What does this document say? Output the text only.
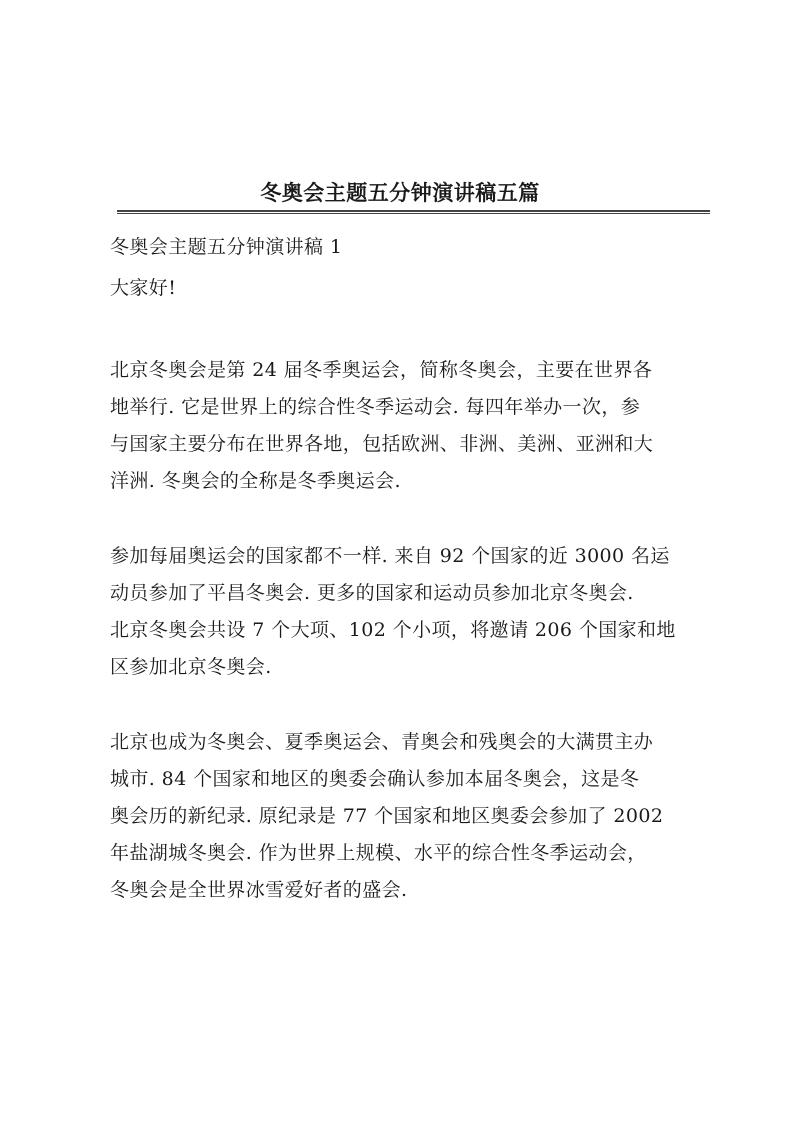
冬奥会主题五分钟演讲稿五篇

冬奥会主题五分钟演讲稿 1

大家好!

北京冬奥会是第 24 届冬季奥运会，简称冬奥会，主要在世界各

地举行. 它是世界上的综合性冬季运动会. 每四年举办一次，参

与国家主要分布在世界各地，包括欧洲、非洲、美洲、亚洲和大

洋洲. 冬奥会的全称是冬季奥运会.

参加每届奥运会的国家都不一样. 来自 92 个国家的近 3000 名运

动员参加了平昌冬奥会. 更多的国家和运动员参加北京冬奥会.

北京冬奥会共设 7 个大项、102 个小项，将邀请 206 个国家和地

区参加北京冬奥会.

北京也成为冬奥会、夏季奥运会、青奥会和残奥会的大满贯主办

城市. 84 个国家和地区的奥委会确认参加本届冬奥会，这是冬

奥会历的新纪录. 原纪录是 77 个国家和地区奥委会参加了 2002

年盐湖城冬奥会. 作为世界上规模、水平的综合性冬季运动会，

冬奥会是全世界冰雪爱好者的盛会.
